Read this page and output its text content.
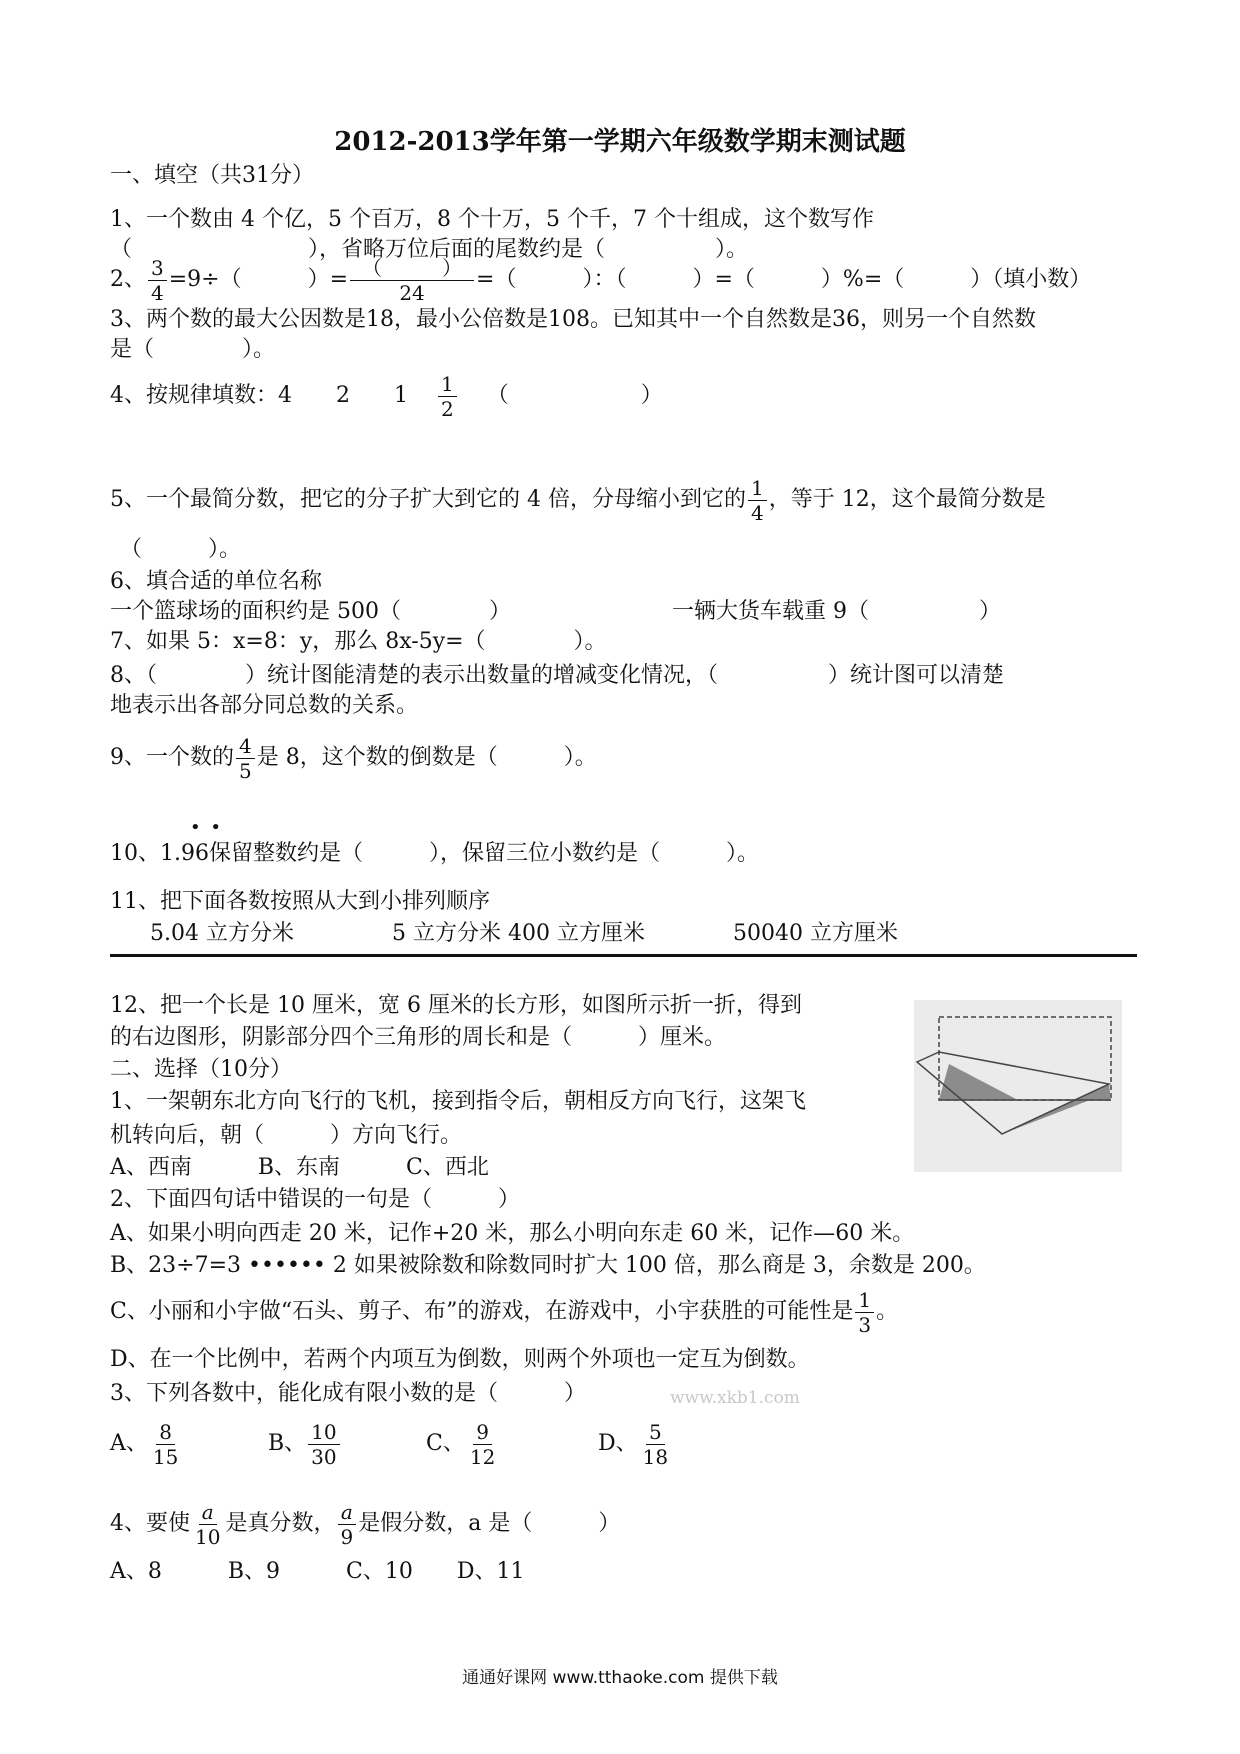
2012-2013学年第一学期六年级数学期末测试题
一、填空（共31分）
1、一个数由 4 个亿，5 个百万，8 个十万，5 个千，7 个十组成，这个数写作
（　　　　　　　　），省略万位后面的尾数约是（　　　　　）。
2、 $\frac{3}{4} =9\div$（　　　）= $\frac{( )}{24}$ =（　　　）：（　　　）=（　　　）%=（　　　）（填小数）
3、两个数的最大公因数是18，最小公倍数是108。已知其中一个自然数是36，则另一个自然数
是（　　　　）。
4、按规律填数：4　　2　　$1 \frac{1}{2}$ （　　　　　　）
5、一个最简分数，把它的分子扩大到它的 4 倍，分母缩小到它的 $\frac{1}{4}$ ，等于 12，这个最简分数是
（　　　）。
6、填合适的单位名称
一个篮球场的面积约是 500（　　　　）	一辆大货车载重 9（　　　　　）
7、如果 5：x=8：y，那么 8x-5y=（　　　　）。
8、（　　　　）统计图能清楚的表示出数量的增减变化情况，（　　　　　）统计图可以清楚
地表示出各部分同总数的关系。
9、一个数的 $\frac{4}{5}$ 是 8，这个数的倒数是（　　　）。
• •
10、1.96保留整数约是（　　　），保留三位小数约是（　　　）。
11、把下面各数按照从大到小排列顺序
5.04 立方分米	5 立方分米 400 立方厘米	50040 立方厘米
12、把一个长是 10 厘米，宽 6 厘米的长方形，如图所示折一折，得到
的右边图形，阴影部分四个三角形的周长和是（　　　）厘米。
二、选择（10分）
1、一架朝东北方向飞行的飞机，接到指令后，朝相反方向飞行，这架飞
机转向后，朝（　　　）方向飞行。
A、西南　　　B、东南　　　C、西北
2、下面四句话中错误的一句是（　　　）
A、如果小明向西走 20 米，记作+20 米，那么小明向东走 60 米，记作—60 米。
B、23÷7=3 •••••• 2 如果被除数和除数同时扩大 100 倍，那么商是 3，余数是 200。
C、小丽和小宇做“石头、剪子、布”的游戏，在游戏中，小宇获胜的可能性是 $\frac{1}{3}$ 。
D、在一个比例中，若两个内项互为倒数，则两个外项也一定互为倒数。
3、下列各数中，能化成有限小数的是（　　　）	www.xkb1.com
A、 $\frac{8}{15}$	B、 $\frac{10}{30}$	C、 $\frac{9}{12}$	D、 $\frac{5}{18}$
4、要使 $\frac{a}{10}$ 是真分数， $\frac{a}{9}$ 是假分数，a 是（　　　）
A、8　　　B、9　　　C、10　　D、11
通通好课网 www.tthaoke.com 提供下载
